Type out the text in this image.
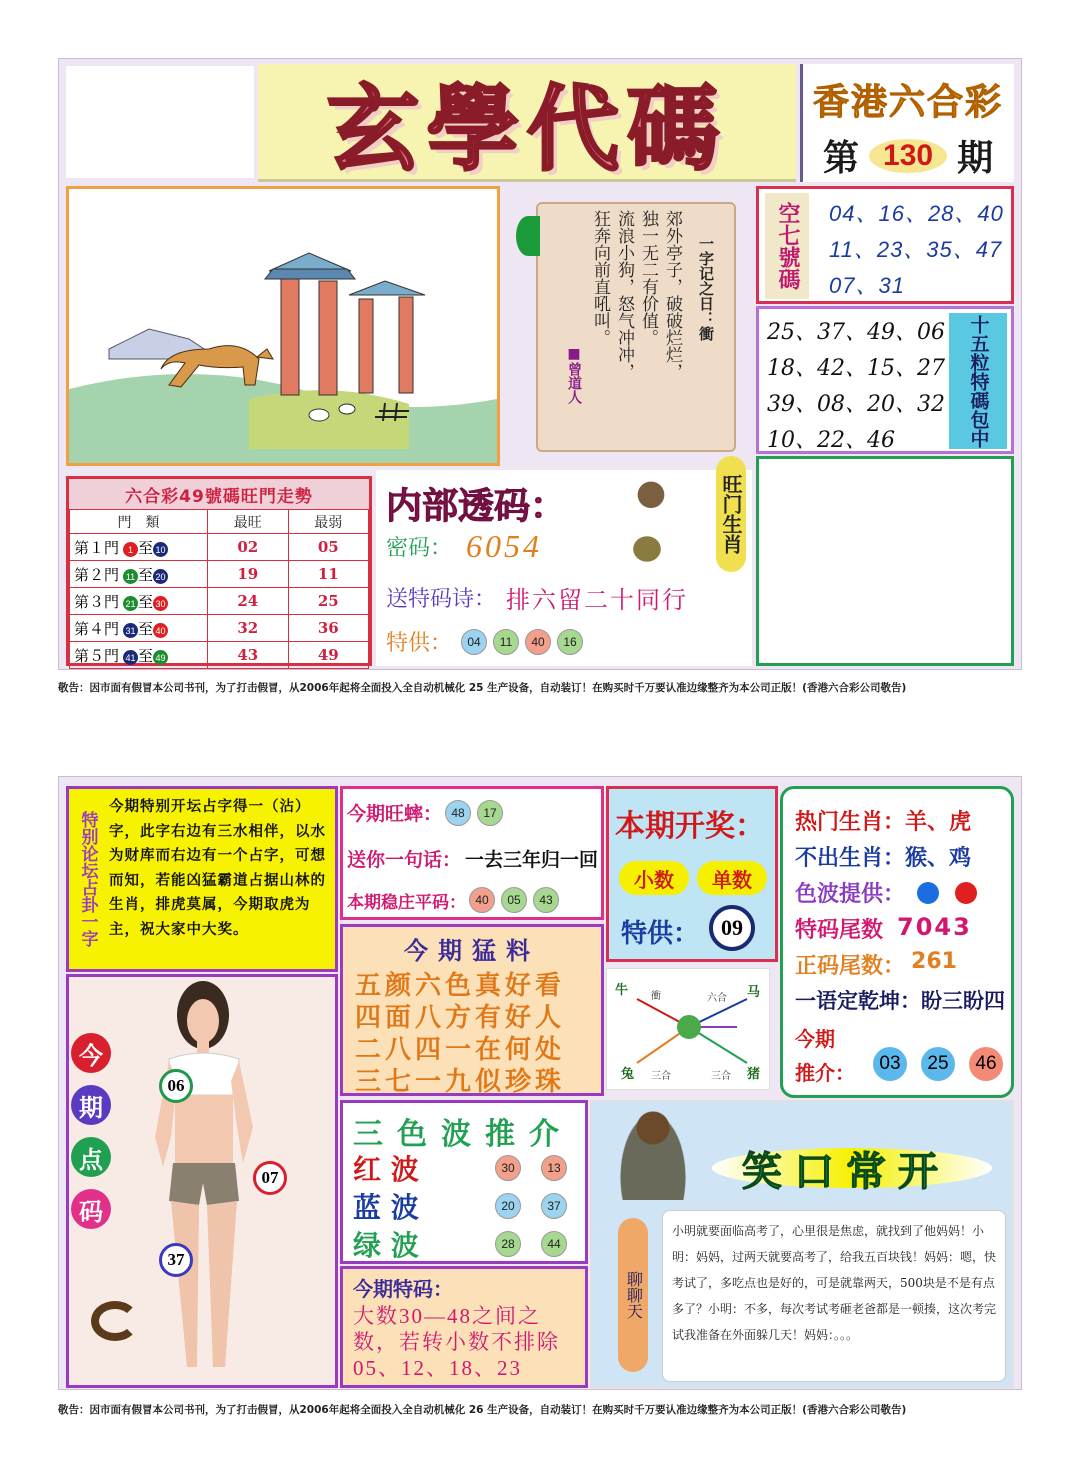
玄學代碼 香港六合彩
第 130 期
一字记之日：衝
郊外亭子，破破烂烂，
独一无二有价值。
流浪小狗，怒气冲冲，
狂奔向前直吼叫。
■曾道人
空七號碼	04、16、28、40
11、23、35、47
07、31
25、37、49、06
18、42、15、27
39、08、20、32
10、22、46	十五粒特碼包中
六合彩49號碼旺門走勢
門　類	最旺	最弱
第１門 1 至 10	02	05
第２門 11 至 20	19	11
第３門 21 至 30	24	25
第４門 31 至 40	32	36
第５門 41 至 49	43	49
内部透码：
密码： 6054
送特码诗： 排六留二十同行
特供：	04 11 40 16
旺门生肖
敬告：因市面有假冒本公司书刊，为了打击假冒，从2006年起将全面投入全自动机械化 25 生产设备，自动装订！在购买时千万要认准边缘整齐为本公司正版！(香港六合彩公司敬告)
特别论坛占卦一字
今期特别开坛占字得一（沾）字，此字右边有三水相伴，以水为财库而右边有一个占字，可想而知，若能凶猛霸道占据山林的生肖，排虎莫属，今期取虎为主，祝大家中大奖。
今
期
点
码
06
07
37
今期旺蟀： 48 17
送你一句话： 一去三年归一回
本期稳庄平码： 40 05 43
今期猛料
五颜六色真好看
四面八方有好人
二八四一在何处
三七一九似珍珠
本期开奖：
小数	单数
特供： 09
牛	马
兔	猪
衝	六合
三合	三合
热门生肖： 羊、虎
不出生肖： 猴、鸡
色波提供：
特码尾数 7043
正码尾数： 261
一语定乾坤： 盼三盼四
今期
推介：	03	25	46
三色波推介
红 波	30	13
蓝 波	20	37
绿 波	28	44
今期特码：
大数30—48之间之数，若转小数不排除05、12、18、23
笑口常开
聊聊天
小明就要面临高考了，心里很是焦虑，就找到了他妈妈！小明：妈妈，过两天就要高考了，给我五百块钱！妈妈：嗯，快考试了，多吃点也是好的，可是就靠两天，500块是不是有点多了？小明：不多，每次考试考砸老爸都是一顿揍，这次考完试我准备在外面躲几天！妈妈：。。。
敬告：因市面有假冒本公司书刊，为了打击假冒，从2006年起将全面投入全自动机械化 26 生产设备，自动装订！在购买时千万要认准边缘整齐为本公司正版！(香港六合彩公司敬告)
